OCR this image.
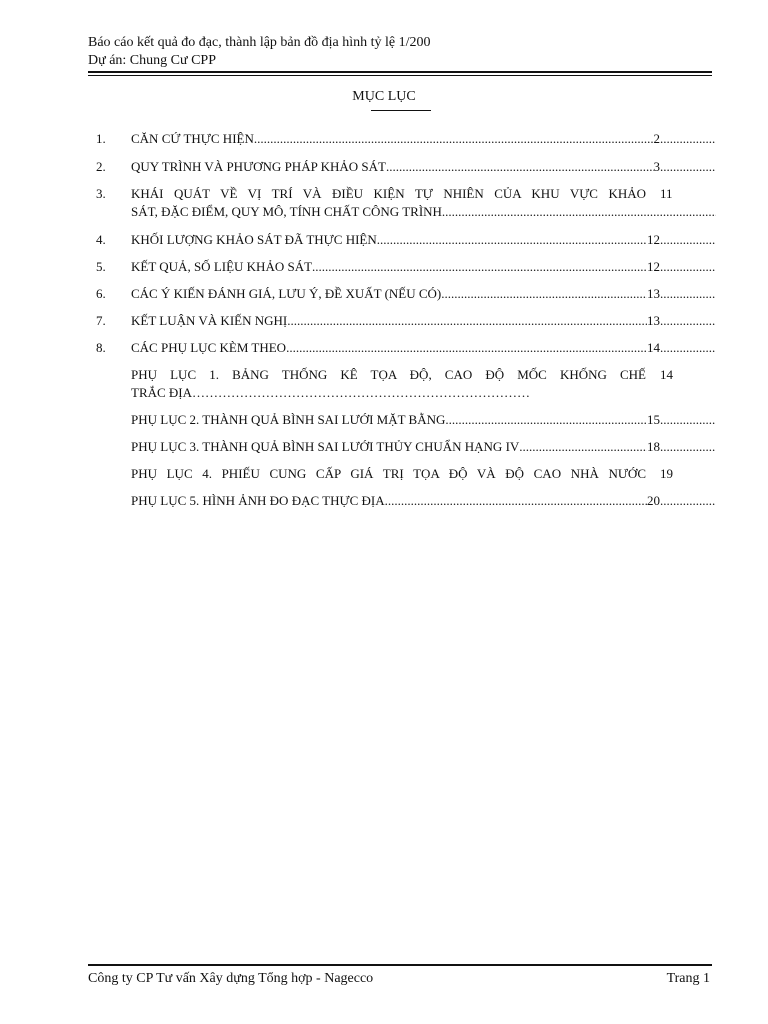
Báo cáo kết quả đo đạc, thành lập bản đồ địa hình tỷ lệ 1/200
Dự án: Chung Cư CPP
MỤC LỤC
1. CĂN CỨ THỰC HIỆN .....	2
.....
2. QUY TRÌNH VÀ PHƯƠNG PHÁP KHẢO SÁT .....	3
.....
3. KHÁI QUÁT VỀ VỊ TRÍ VÀ ĐIỀU KIỆN TỰ NHIÊN CỦA KHU VỰC KHẢO 11
SÁT, ĐẶC ĐIỂM, QUY MÔ, TÍNH CHẤT CÔNG TRÌNH
.....
4. KHỐI LƯỢNG KHẢO SÁT ĐÃ THỰC HIỆN .....	12
.....
5. KẾT QUẢ, SỐ LIỆU KHẢO SÁT .....	12
.....
6. CÁC Ý KIẾN ĐÁNH GIÁ, LƯU Ý, ĐỀ XUẤT (NẾU CÓ) .....	13
.....
7. KẾT LUẬN VÀ KIẾN NGHỊ .....	13
.....
8. CÁC PHỤ LỤC KÈM THEO .....	14
.....
PHỤ LỤC 1. BẢNG THỐNG KÊ TỌA ĐỘ, CAO ĐỘ MỐC KHỐNG CHẾ 14
TRẮC ĐỊA……………………………………………………………………
PHỤ LỤC 2. THÀNH QUẢ BÌNH SAI LƯỚI MẶT BẰNG .....	15
.....
PHỤ LỤC 3. THÀNH QUẢ BÌNH SAI LƯỚI THỦY CHUẨN HẠNG IV .....	18
.....
PHỤ LỤC 4. PHIẾU CUNG CẤP GIÁ TRỊ TỌA ĐỘ VÀ ĐỘ CAO NHÀ NƯỚC 19
PHỤ LỤC 5. HÌNH ẢNH ĐO ĐẠC THỰC ĐỊA .....	20
.....
Công ty CP Tư vấn Xây dựng Tổng hợp - Nagecco	Trang 1
